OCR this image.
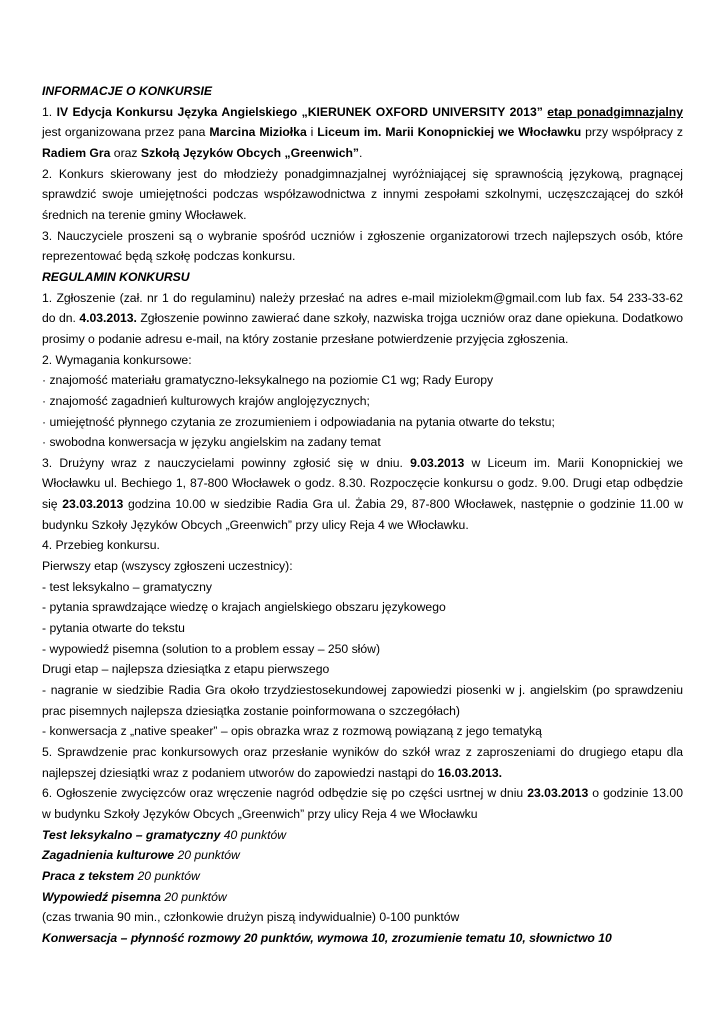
INFORMACJE O KONKURSIE

1. IV Edycja Konkursu Języka Angielskiego „KIERUNEK OXFORD UNIVERSITY 2013” etap ponadgimnazjalny jest organizowana przez pana Marcina Miziołka i Liceum im. Marii Konopnickiej we Włocławku przy współpracy z Radiem Gra oraz Szkołą Języków Obcych „Greenwich”.

2. Konkurs skierowany jest do młodzieży ponadgimnazjalnej wyróżniającej się sprawnością językową, pragnącej sprawdzić swoje umiejętności podczas współzawodnictwa z innymi zespołami szkolnymi, uczęszczającej do szkół średnich na terenie gminy Włocławek.

3. Nauczyciele proszeni są o wybranie spośród uczniów i zgłoszenie organizatorowi trzech najlepszych osób, które reprezentować będą szkołę podczas konkursu.

REGULAMIN KONKURSU

1. Zgłoszenie (zał. nr 1 do regulaminu) należy przesłać na adres e-mail miziolekm@gmail.com lub fax. 54 233-33-62 do dn. 4.03.2013. Zgłoszenie powinno zawierać dane szkoły, nazwiska trojga uczniów oraz dane opiekuna. Dodatkowo prosimy o podanie adresu e-mail, na który zostanie przesłane potwierdzenie przyjęcia zgłoszenia.

2. Wymagania konkursowe:

· znajomość materiału gramatyczno-leksykalnego na poziomie C1 wg; Rady Europy

· znajomość zagadnień kulturowych krajów anglojęzycznych;

· umiejętność płynnego czytania ze zrozumieniem i odpowiadania na pytania otwarte do tekstu;

· swobodna konwersacja w języku angielskim na zadany temat

3. Drużyny wraz z nauczycielami powinny zgłosić się w dniu. 9.03.2013 w Liceum im. Marii Konopnickiej we Włocławku ul. Bechiego 1, 87-800 Włocławek o godz. 8.30. Rozpoczęcie konkursu o godz. 9.00. Drugi etap odbędzie się 23.03.2013 godzina 10.00 w siedzibie Radia Gra ul. Żabia 29, 87-800 Włocławek, następnie o godzinie 11.00 w budynku Szkoły Języków Obcych „Greenwich” przy ulicy Reja 4 we Włocławku.

4. Przebieg konkursu.

Pierwszy etap (wszyscy zgłoszeni uczestnicy):

- test leksykalno – gramatyczny

- pytania sprawdzające wiedzę o krajach angielskiego obszaru językowego

- pytania otwarte do tekstu

- wypowiedź pisemna (solution to a problem essay – 250 słów)

Drugi etap – najlepsza dziesiątka z etapu pierwszego

- nagranie w siedzibie Radia Gra około trzydziestosekundowej zapowiedzi piosenki w j. angielskim (po sprawdzeniu prac pisemnych najlepsza dziesiątka zostanie poinformowana o szczegółach)

- konwersacja z „native speaker” – opis obrazka wraz z rozmową powiązaną z jego tematyką

5. Sprawdzenie prac konkursowych oraz przesłanie wyników do szkół wraz z zaproszeniami do drugiego etapu dla najlepszej dziesiątki wraz z podaniem utworów do zapowiedzi nastąpi do 16.03.2013.

6. Ogłoszenie zwycięzców oraz wręczenie nagród odbędzie się po części usrtnej w dniu 23.03.2013 o godzinie 13.00 w budynku Szkoły Języków Obcych „Greenwich” przy ulicy Reja 4 we Włocławku

Test leksykalno – gramatyczny 40 punktów

Zagadnienia kulturowe 20 punktów

Praca z tekstem 20 punktów

Wypowiedź pisemna 20 punktów

(czas trwania 90 min., członkowie drużyn piszą indywidualnie) 0-100 punktów

Konwersacja – płynność rozmowy 20 punktów, wymowa 10, zrozumienie tematu 10, słownictwo 10
